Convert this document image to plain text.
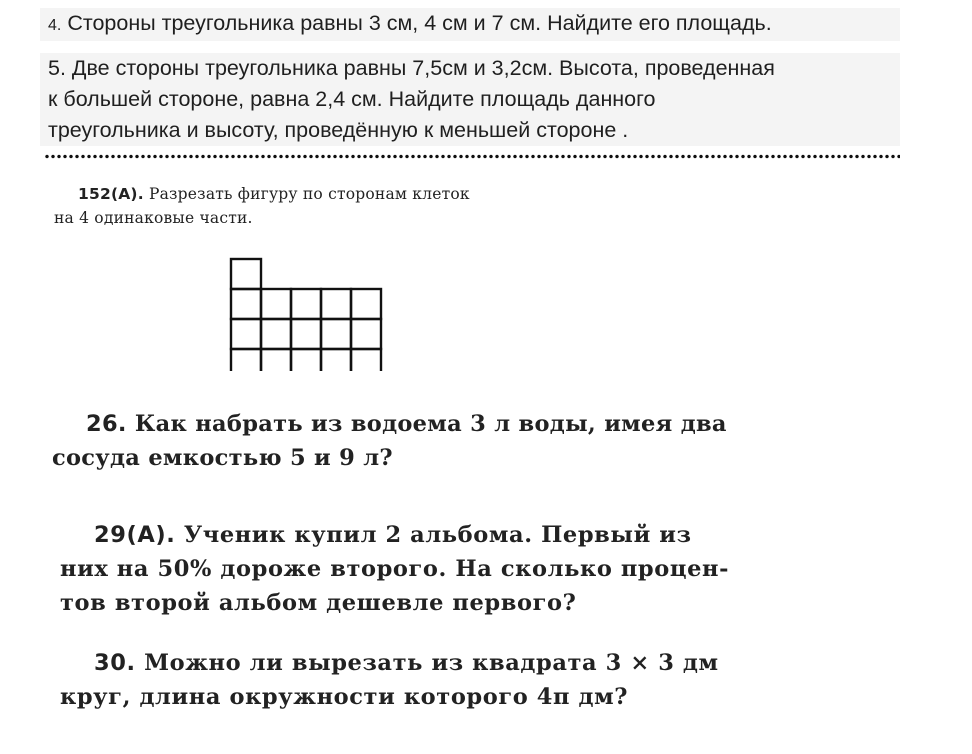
4. Стороны треугольника равны 3 см, 4 см и 7 см. Найдите его площадь.
5. Две стороны треугольника равны 7,5см и 3,2см. Высота, проведенная
к большей стороне, равна 2,4 см. Найдите площадь данного
треугольника и высоту, проведённую к меньшей стороне .
152(А). Разрезать фигуру по сторонам клеток
на 4 одинаковые части.
26. Как набрать из водоема 3 л воды, имея два
сосуда емкостью 5 и 9 л?
29(А). Ученик купил 2 альбома. Первый из
них на 50% дороже второго. На сколько процен-
тов второй альбом дешевле первого?
30. Можно ли вырезать из квадрата 3 × 3 дм
круг, длина окружности которого 4π дм?
